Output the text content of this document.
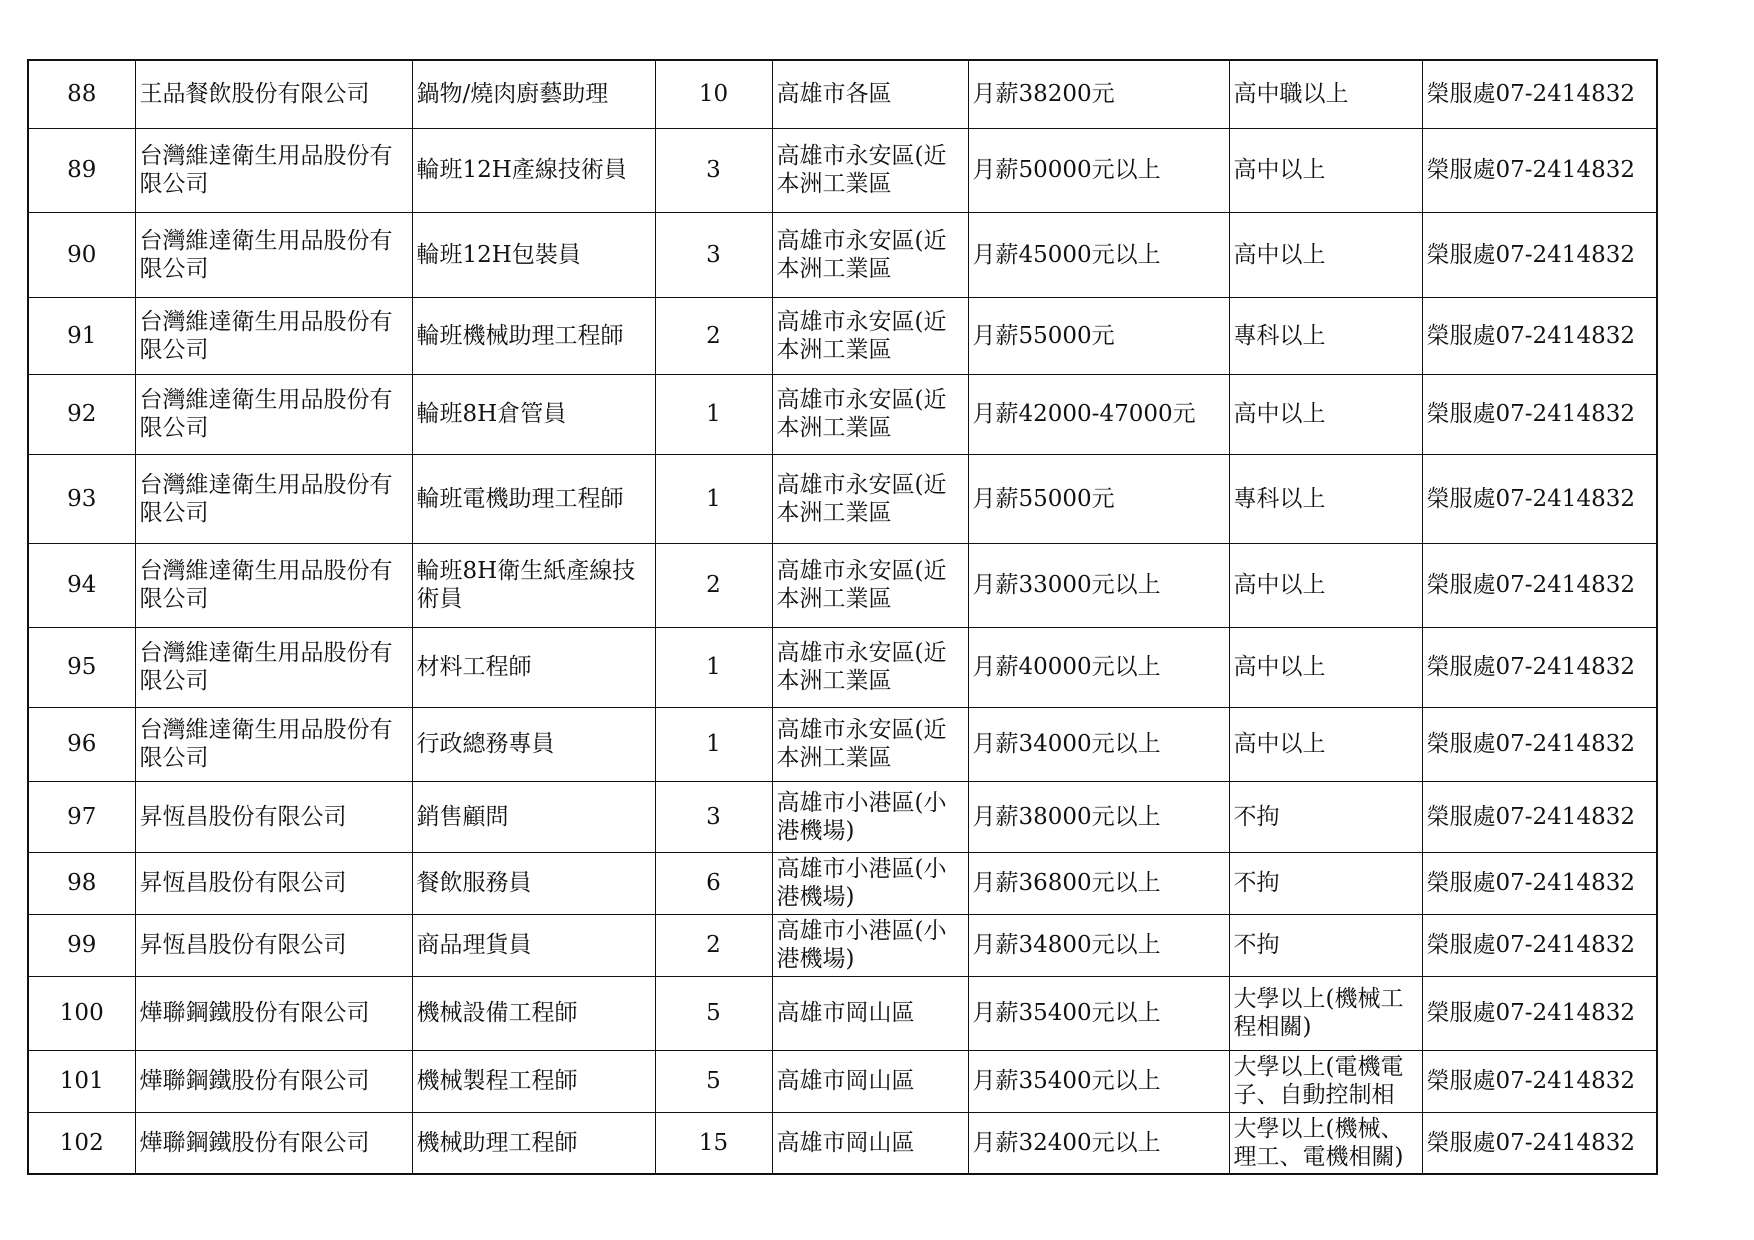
88	王品餐飲股份有限公司	鍋物/燒肉廚藝助理	10	高雄市各區	月薪38200元	高中職以上	榮服處07-2414832

89	台灣維達衛生用品股份有限公司	輪班12H產線技術員	3	高雄市永安區(近本洲工業區	月薪50000元以上	高中以上	榮服處07-2414832

90	台灣維達衛生用品股份有限公司	輪班12H包裝員	3	高雄市永安區(近本洲工業區	月薪45000元以上	高中以上	榮服處07-2414832

91	台灣維達衛生用品股份有限公司	輪班機械助理工程師	2	高雄市永安區(近本洲工業區	月薪55000元	專科以上	榮服處07-2414832

92	台灣維達衛生用品股份有限公司	輪班8H倉管員	1	高雄市永安區(近本洲工業區	月薪42000-47000元	高中以上	榮服處07-2414832

93	台灣維達衛生用品股份有限公司	輪班電機助理工程師	1	高雄市永安區(近本洲工業區	月薪55000元	專科以上	榮服處07-2414832

94	台灣維達衛生用品股份有限公司	輪班8H衛生紙產線技術員	2	高雄市永安區(近本洲工業區	月薪33000元以上	高中以上	榮服處07-2414832

95	台灣維達衛生用品股份有限公司	材料工程師	1	高雄市永安區(近本洲工業區	月薪40000元以上	高中以上	榮服處07-2414832

96	台灣維達衛生用品股份有限公司	行政總務專員	1	高雄市永安區(近本洲工業區	月薪34000元以上	高中以上	榮服處07-2414832

97	昇恆昌股份有限公司	銷售顧問	3	高雄市小港區(小港機場)	月薪38000元以上	不拘	榮服處07-2414832

98	昇恆昌股份有限公司	餐飲服務員	6	高雄市小港區(小港機場)	月薪36800元以上	不拘	榮服處07-2414832

99	昇恆昌股份有限公司	商品理貨員	2	高雄市小港區(小港機場)	月薪34800元以上	不拘	榮服處07-2414832

100	燁聯鋼鐵股份有限公司	機械設備工程師	5	高雄市岡山區	月薪35400元以上	大學以上(機械工程相關)	榮服處07-2414832

101	燁聯鋼鐵股份有限公司	機械製程工程師	5	高雄市岡山區	月薪35400元以上	大學以上(電機電子、自動控制相	榮服處07-2414832

102	燁聯鋼鐵股份有限公司	機械助理工程師	15	高雄市岡山區	月薪32400元以上	大學以上(機械、理工、電機相關)	榮服處07-2414832
